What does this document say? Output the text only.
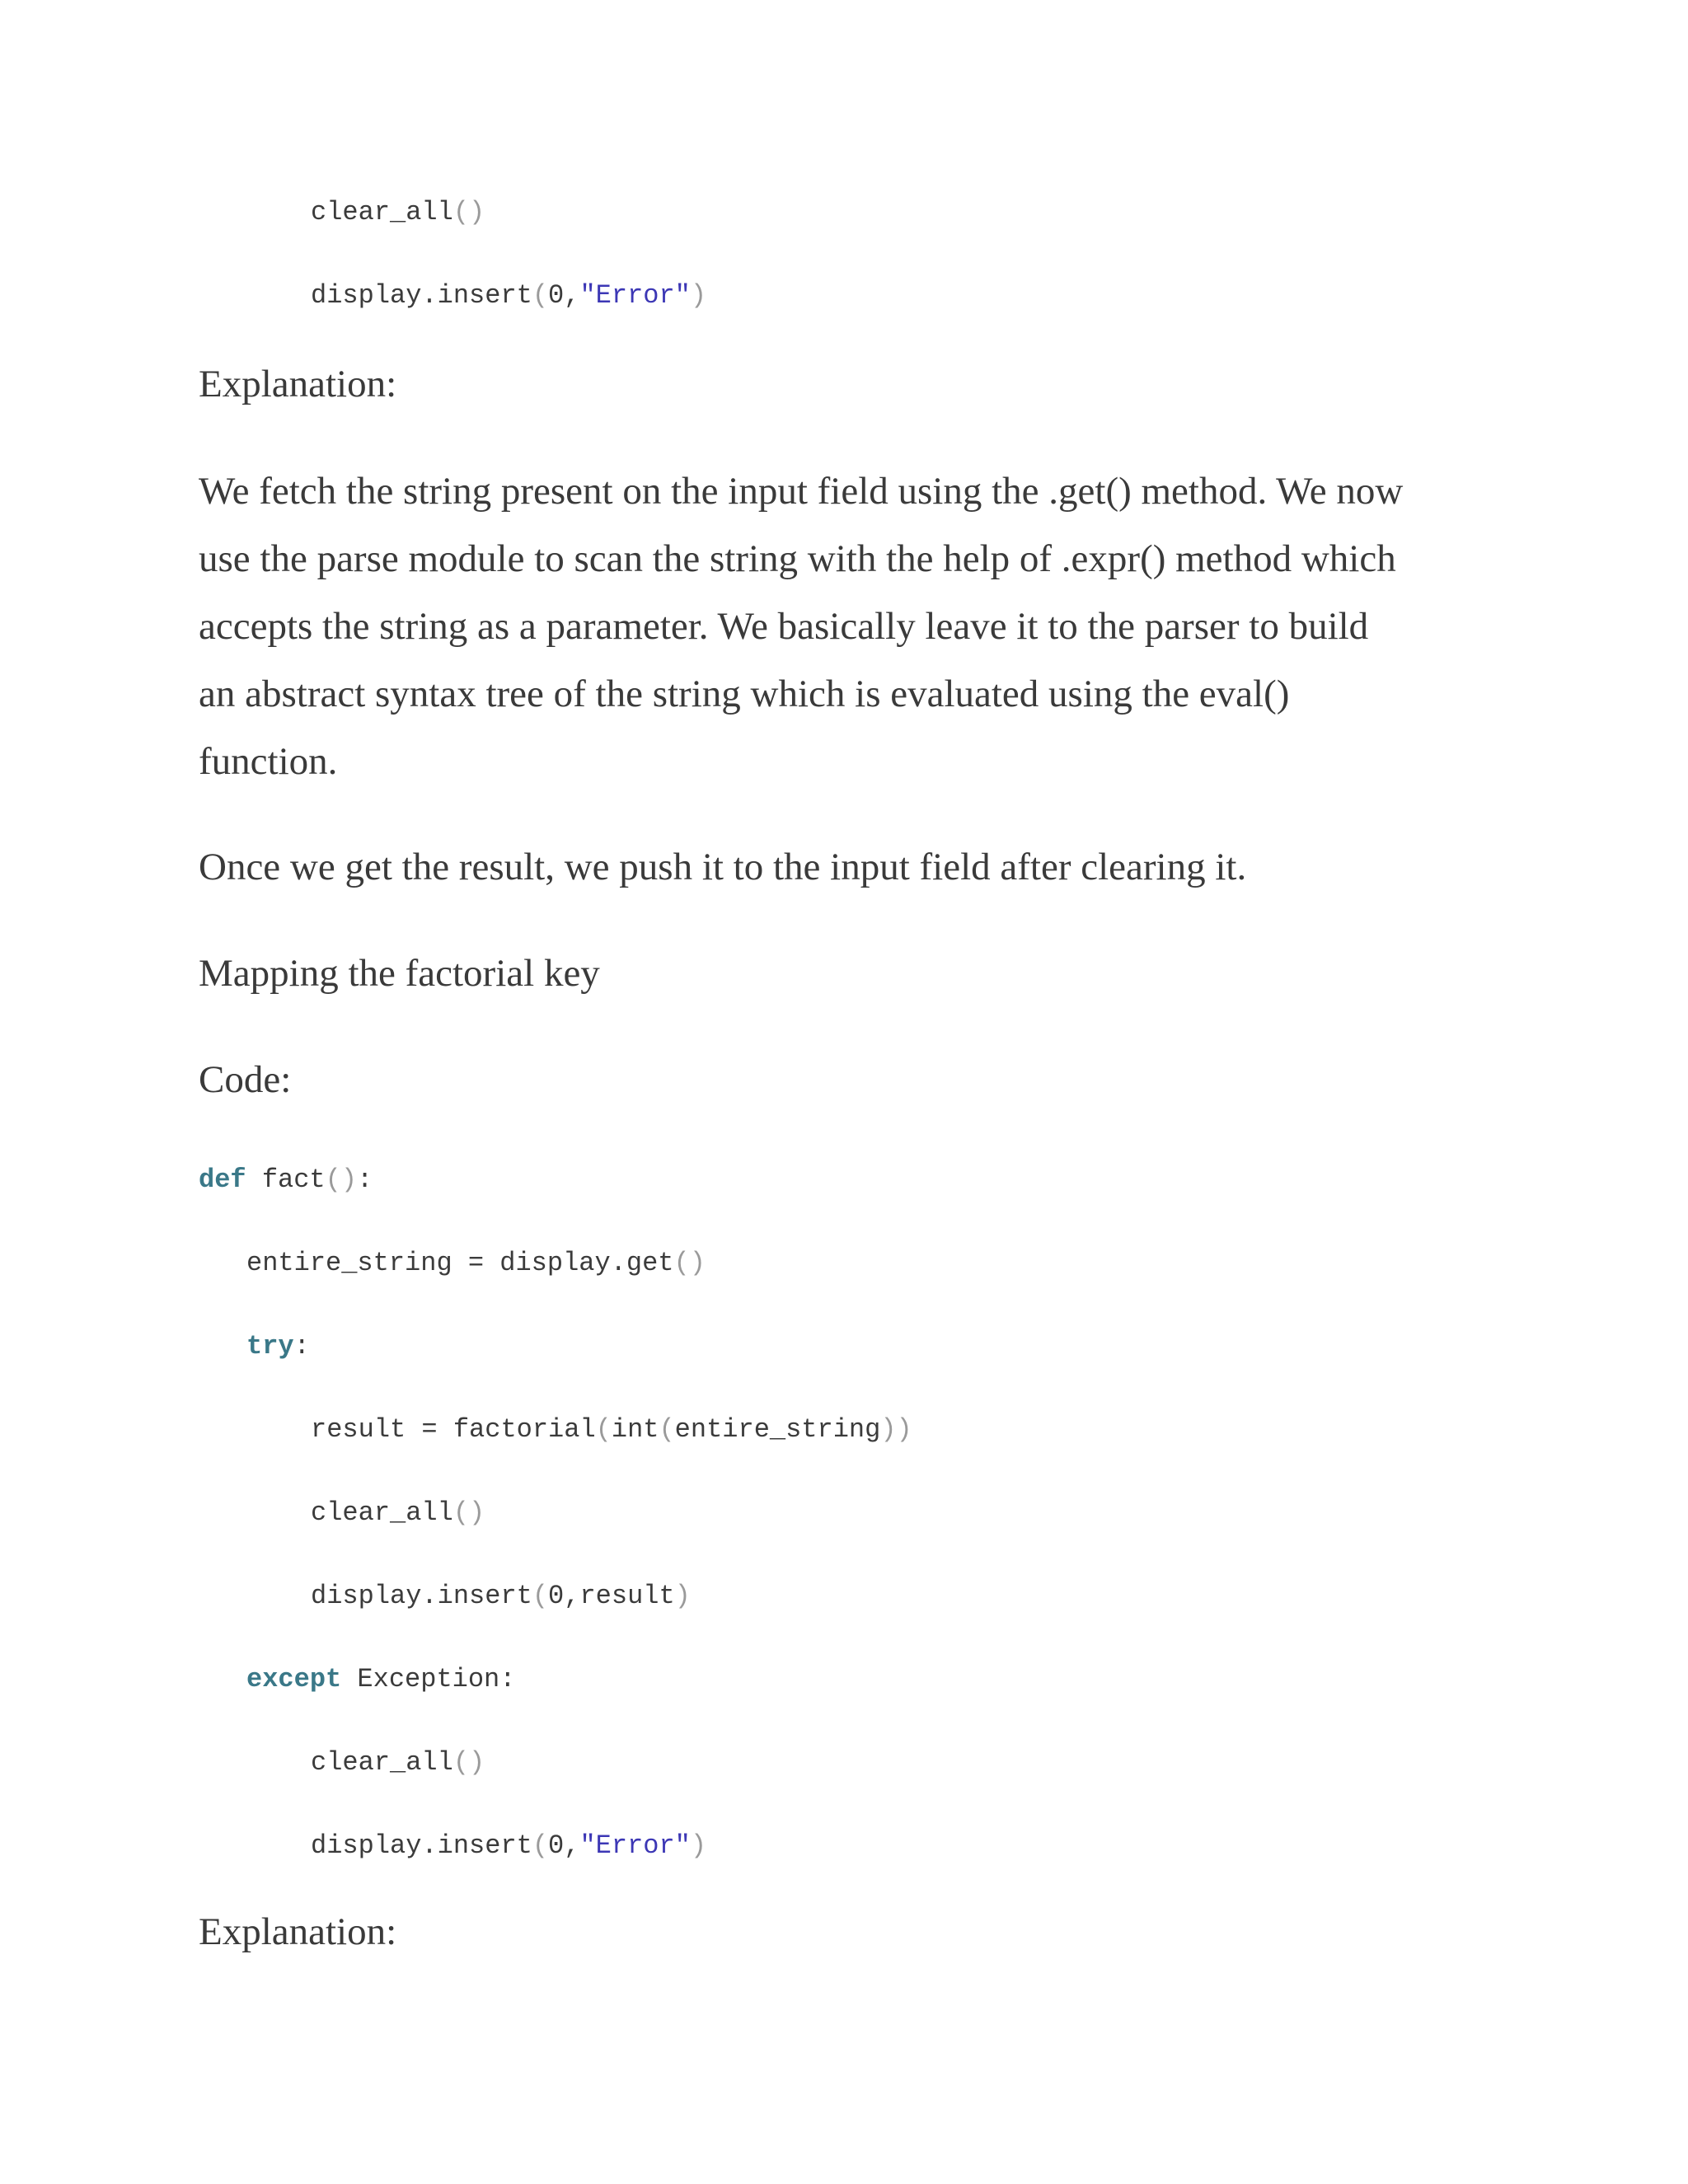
clear_all()
display.insert(0,"Error")
Explanation:
We fetch the string present on the input field using the .get() method. We now
use the parse module to scan the string with the help of .expr() method which
accepts the string as a parameter. We basically leave it to the parser to build
an abstract syntax tree of the string which is evaluated using the eval()
function.
Once we get the result, we push it to the input field after clearing it.
Mapping the factorial key
Code:
def fact():
entire_string = display.get()
try:
result = factorial(int(entire_string))
clear_all()
display.insert(0,result)
except Exception:
clear_all()
display.insert(0,"Error")
Explanation:
